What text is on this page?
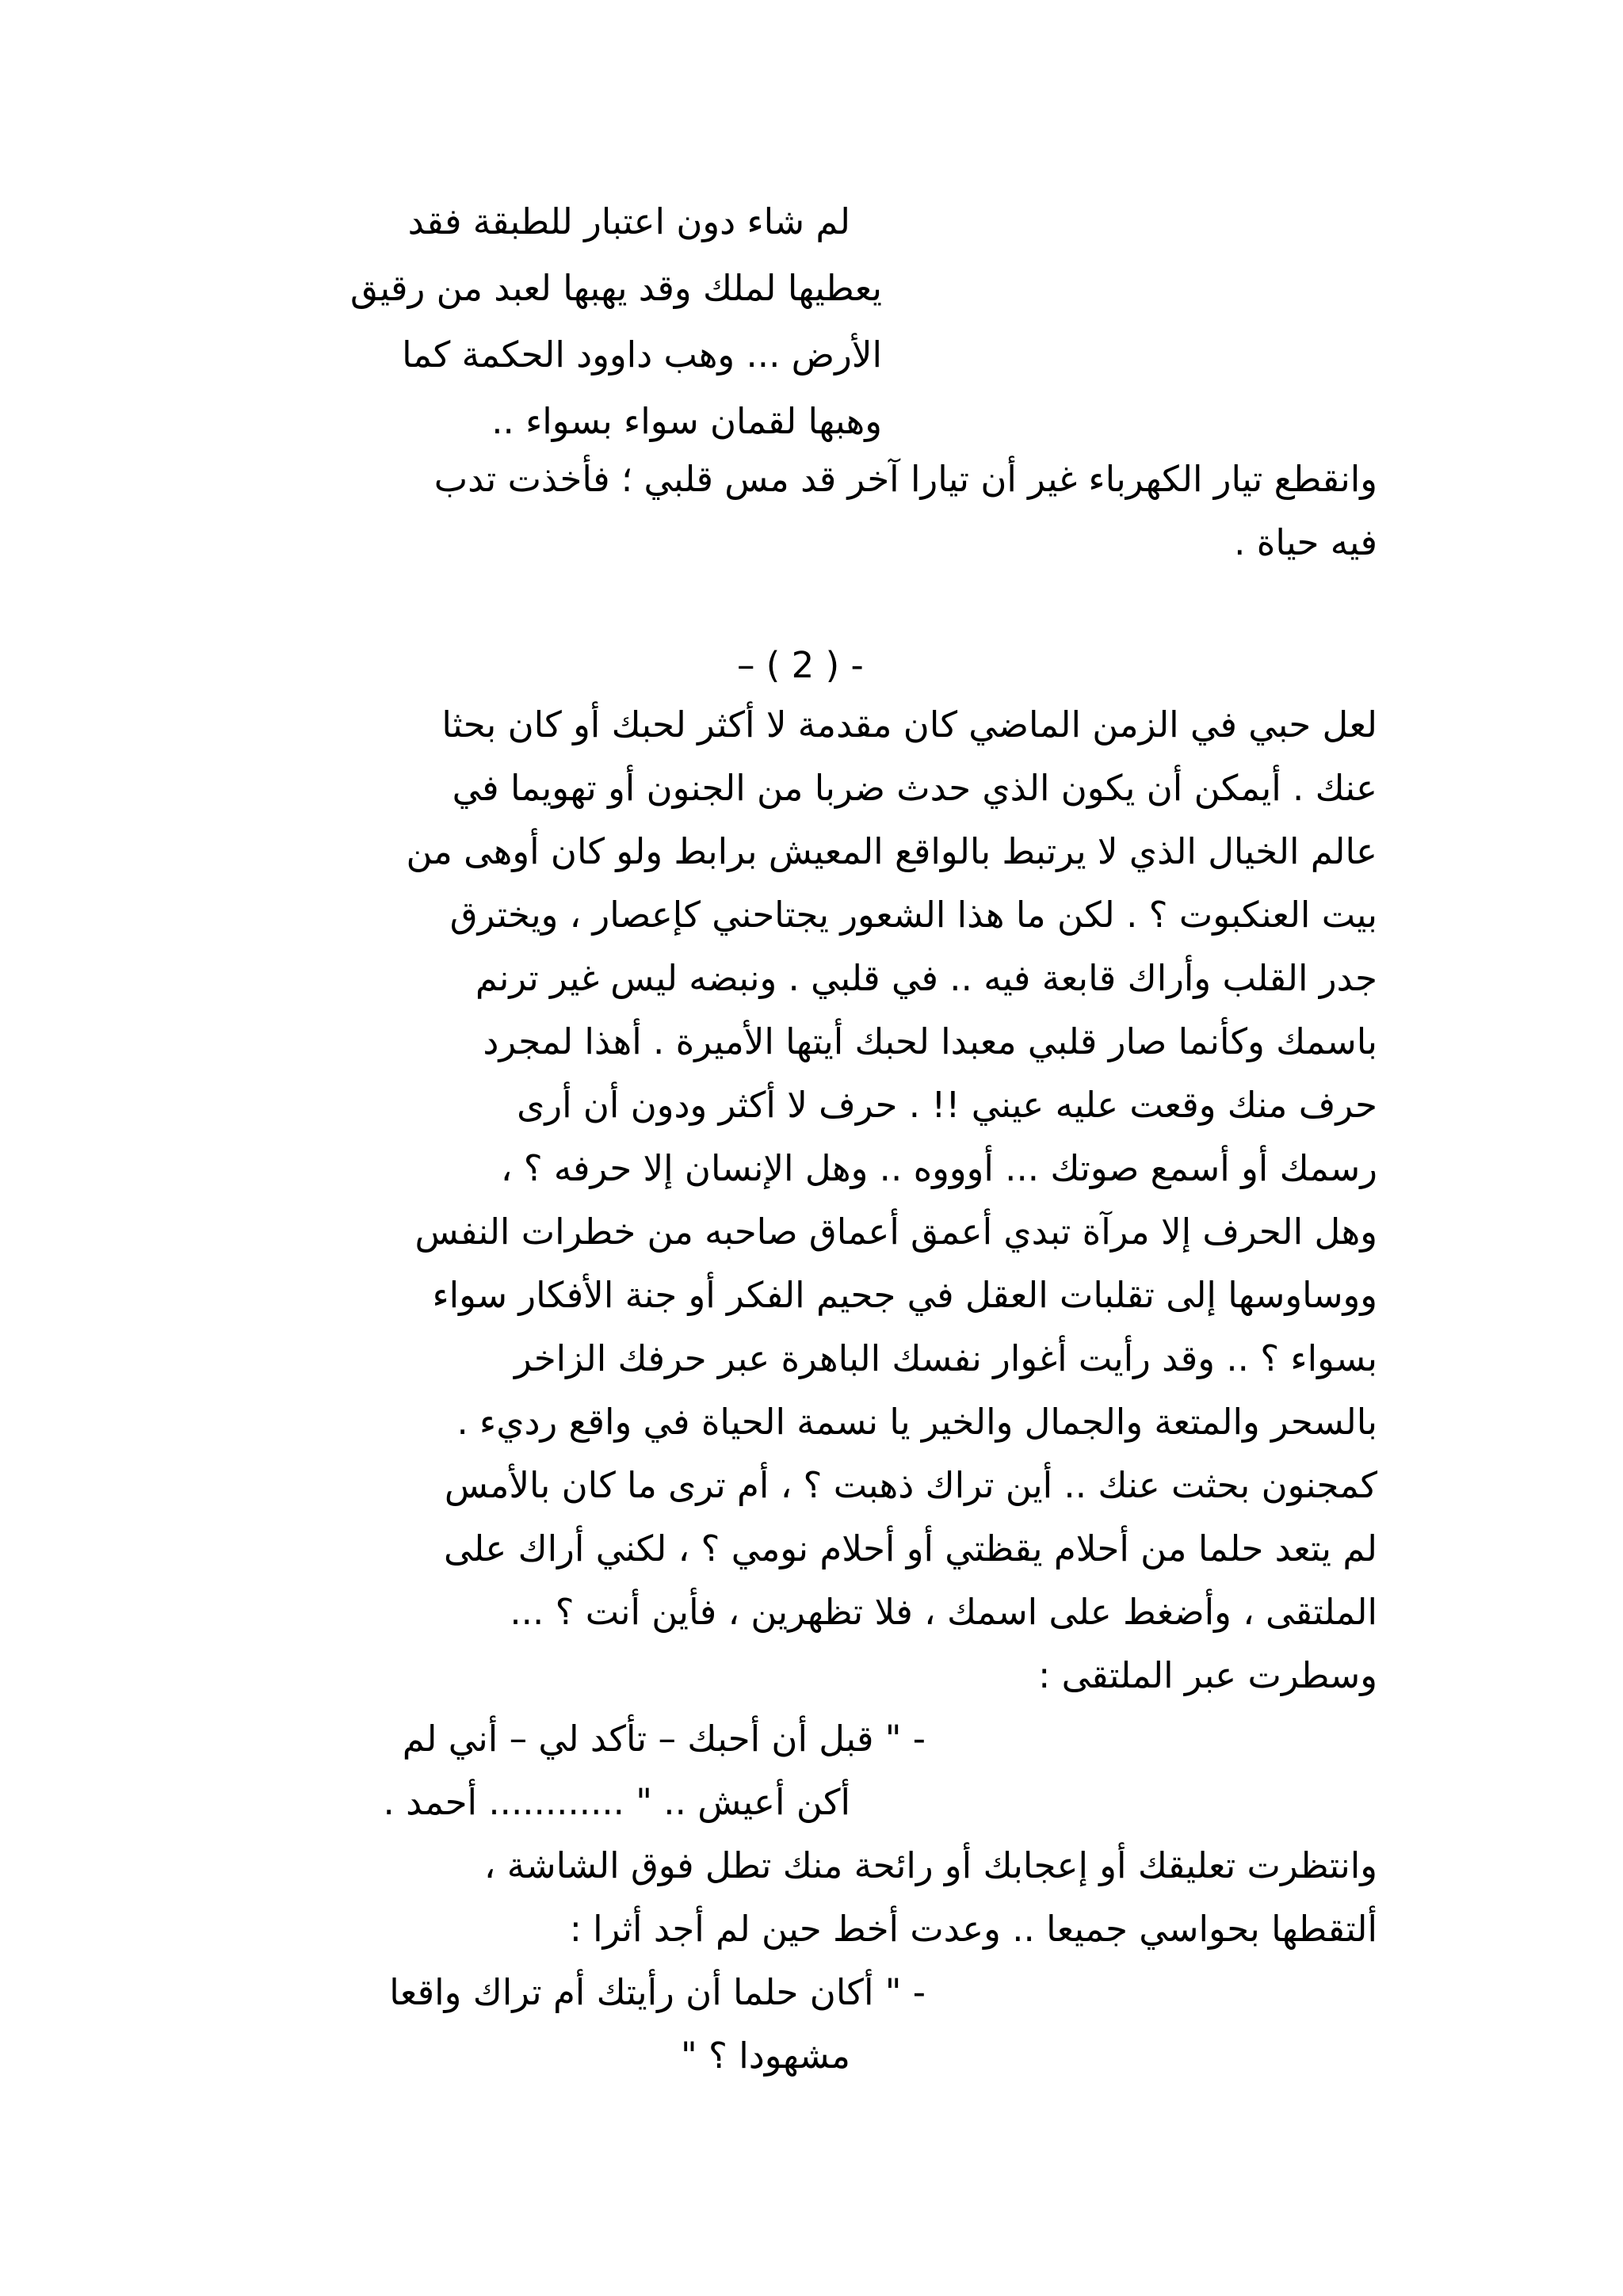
لم شاء دون اعتبار للطبقة فقد
يعطيها لملك وقد يهبها لعبد من رقيق
الأرض ... وهب داوود الحكمة كما
وهبها لقمان سواء بسواء ..
وانقطع تيار الكهرباء غير أن تيارا آخر قد مس قلبي ؛ فأخذت تدب
فيه حياة .
– ( 2 ) -
لعل حبي في الزمن الماضي كان مقدمة لا أكثر لحبك أو كان بحثا
عنك . أيمكن أن يكون الذي حدث ضربا من الجنون أو تهويما في
عالم الخيال الذي لا يرتبط بالواقع المعيش برابط ولو كان أوهى من
بيت العنكبوت ؟ . لكن ما هذا الشعور يجتاحني كإعصار ، ويخترق
جدر القلب وأراك قابعة فيه .. في قلبي . ونبضه ليس غير ترنم
باسمك وكأنما صار قلبي معبدا لحبك أيتها الأميرة . أهذا لمجرد
حرف منك وقعت عليه عيني !! . حرف لا أكثر ودون أن أرى
رسمك أو أسمع صوتك ... أوووه .. وهل الإنسان إلا حرفه ؟ ،
وهل الحرف إلا مرآة تبدي أعمق أعماق صاحبه من خطرات النفس
ووساوسها إلى تقلبات العقل في جحيم الفكر أو جنة الأفكار سواء
بسواء ؟ .. وقد رأيت أغوار نفسك الباهرة عبر حرفك الزاخر
بالسحر والمتعة والجمال والخير يا نسمة الحياة في واقع رديء .
كمجنون بحثت عنك .. أين تراك ذهبت ؟ ، أم ترى ما كان بالأمس
لم يتعد حلما من أحلام يقظتي أو أحلام نومي ؟ ، لكني أراك على
الملتقى ، وأضغط على اسمك ، فلا تظهرين ، فأين أنت ؟ ...
وسطرت عبر الملتقى :
- " قبل أن أحبك – تأكد لي – أني لم
أكن أعيش .. " ............ أحمد .
وانتظرت تعليقك أو إعجابك أو رائحة منك تطل فوق الشاشة ،
ألتقطها بحواسي جميعا .. وعدت أخط حين لم أجد أثرا :
- " أكان حلما أن رأيتك أم تراك واقعا
مشهودا ؟ "
